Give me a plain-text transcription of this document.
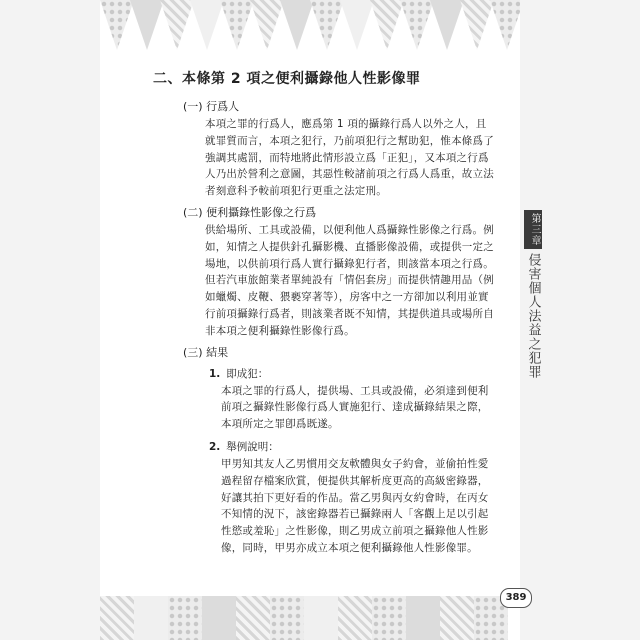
第三章
侵害個人法益之犯罪
二、本條第 2 項之便利攝錄他人性影像罪
(一) 行爲人

本項之罪的行爲人，應爲第 1 項的攝錄行爲人以外之人，且就罪質而言，本項之犯行，乃前項犯行之幫助犯，惟本條爲了強調其處罰，而特地將此情形設立爲「正犯」，又本項之行爲人乃出於營利之意圖，其惡性較諸前項之行爲人爲重，故立法者刻意科予較前項犯行更重之法定刑。

(二) 便利攝錄性影像之行爲

供給場所、工具或設備，以便利他人爲攝錄性影像之行爲。例如，知情之人提供針孔攝影機、直播影像設備，或提供一定之場地，以供前項行爲人實行攝錄犯行者，則該當本項之行爲。但若汽車旅館業者單純設有「情侶套房」而提供情趣用品（例如蠟燭、皮鞭、猥褻穿著等），房客中之一方卻加以利用並實行前項攝錄行爲者，則該業者既不知情，其提供道具或場所自非本項之便利攝錄性影像行爲。

(三) 結果
1. 即成犯：

本項之罪的行爲人，提供場、工具或設備，必須達到便利前項之攝錄性影像行爲人實施犯行、達成攝錄結果之際，本項所定之罪卽爲既遂。

2. 舉例說明：

甲男知其友人乙男慣用交友軟體與女子約會，並偷拍性愛過程留存檔案欣賞，便提供其解析度更高的高級密錄器，好讓其拍下更好看的作品。當乙男與丙女約會時，在丙女不知情的況下，該密錄器若已攝錄兩人「客觀上足以引起性慾或羞恥」之性影像，則乙男成立前項之攝錄他人性影像，同時，甲男亦成立本項之便利攝錄他人性影像罪。

389
